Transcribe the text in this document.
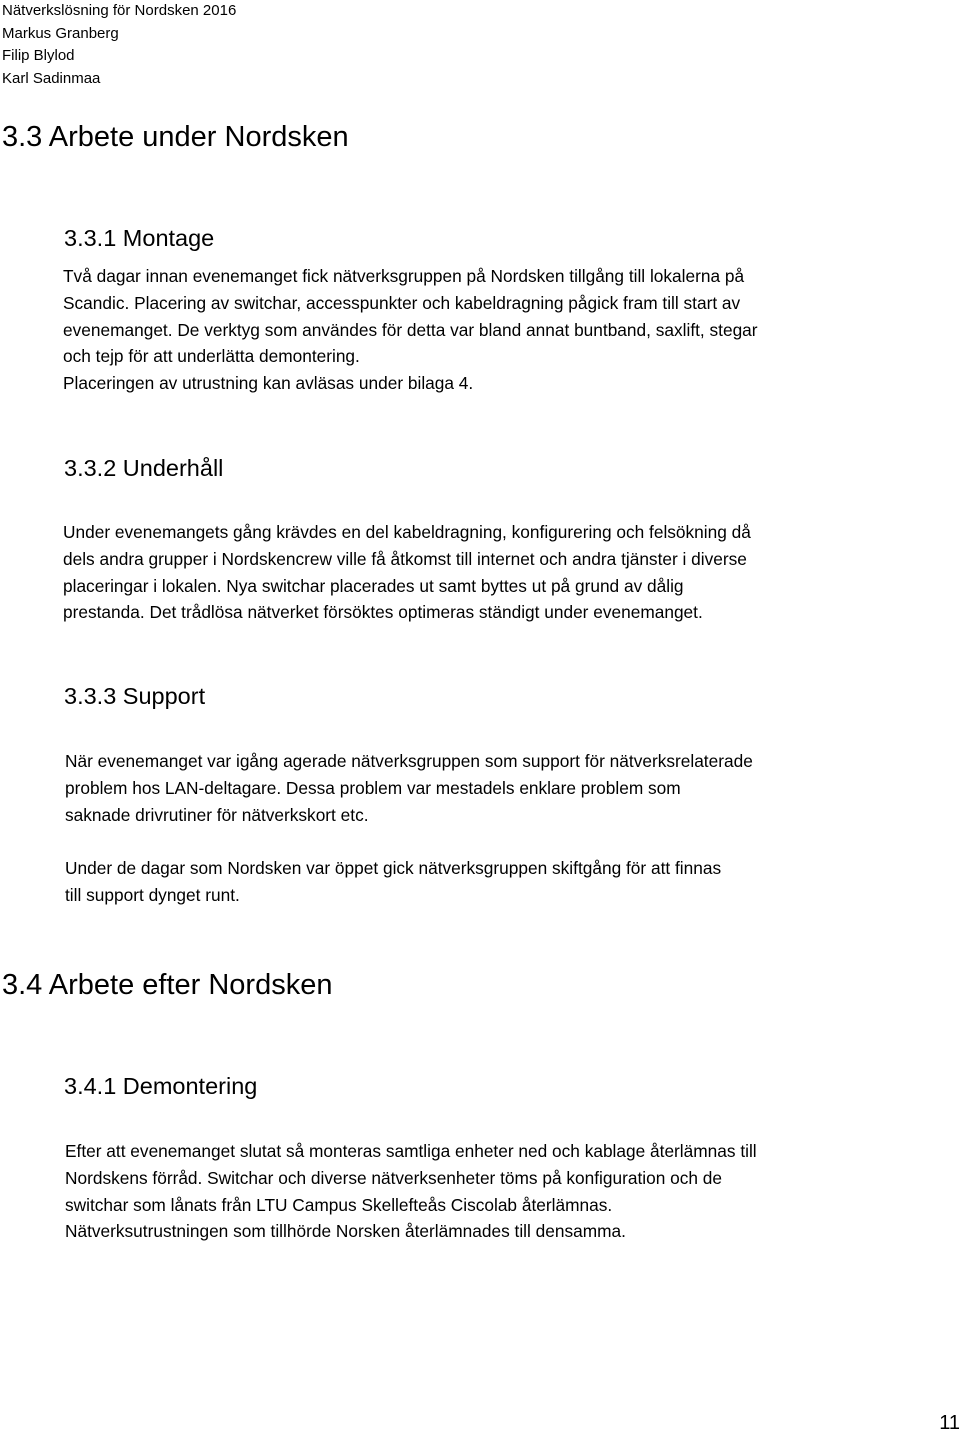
Nätverkslösning för Nordsken 2016
Markus Granberg
Filip Blylod
Karl Sadinmaa
3.3 Arbete under Nordsken
3.3.1 Montage
Två dagar innan evenemanget fick nätverksgruppen på Nordsken tillgång till lokalerna på
Scandic. Placering av switchar, accesspunkter och kabeldragning pågick fram till start av
evenemanget. De verktyg som användes för detta var bland annat buntband, saxlift, stegar
och tejp för att underlätta demontering.
Placeringen av utrustning kan avläsas under bilaga 4.
3.3.2 Underhåll
Under evenemangets gång krävdes en del kabeldragning, konfigurering och felsökning då
dels andra grupper i Nordskencrew ville få åtkomst till internet och andra tjänster i diverse
placeringar i lokalen. Nya switchar placerades ut samt byttes ut på grund av dålig
prestanda. Det trådlösa nätverket försöktes optimeras ständigt under evenemanget.
3.3.3 Support
När evenemanget var igång agerade nätverksgruppen som support för nätverksrelaterade
problem hos LAN-deltagare. Dessa problem var mestadels enklare problem som
saknade drivrutiner för nätverkskort etc.
Under de dagar som Nordsken var öppet gick nätverksgruppen skiftgång för att finnas
till support dynget runt.
3.4 Arbete efter Nordsken
3.4.1 Demontering
Efter att evenemanget slutat så monteras samtliga enheter ned och kablage återlämnas till
Nordskens förråd. Switchar och diverse nätverksenheter töms på konfiguration och de
switchar som lånats från LTU Campus Skellefteås Ciscolab återlämnas.
Nätverksutrustningen som tillhörde Norsken återlämnades till densamma.
11
